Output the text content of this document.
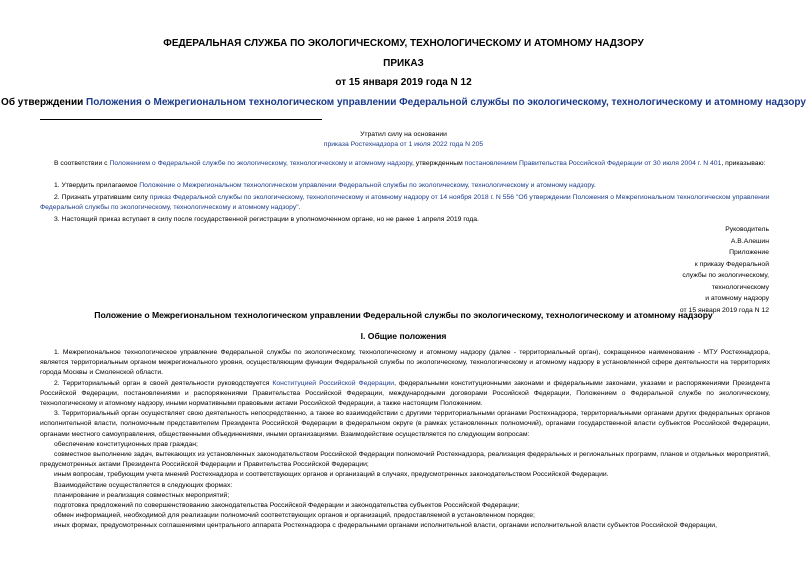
ФЕДЕРАЛЬНАЯ СЛУЖБА ПО ЭКОЛОГИЧЕСКОМУ, ТЕХНОЛОГИЧЕСКОМУ И АТОМНОМУ НАДЗОРУ
ПРИКАЗ
от 15 января 2019 года N 12
Об утверждении Положения о Межрегиональном технологическом управлении Федеральной службы по экологическому, технологическому и атомному надзору
Утратил силу на основании
приказа Ростехнадзора от 1 июля 2022 года N 205
В соответствии с Положением о Федеральной службе по экологическому, технологическому и атомному надзору, утвержденным постановлением Правительства Российской Федерации от 30 июля 2004 г. N 401, приказываю:
1. Утвердить прилагаемое Положение о Межрегиональном технологическом управлении Федеральной службы по экологическому, технологическому и атомному надзору.
2. Признать утратившим силу приказ Федеральной службы по экологическому, технологическому и атомному надзору от 14 ноября 2018 г. N 556 "Об утверждении Положения о Межрегиональном технологическом управлении Федеральной службы по экологическому, технологическому и атомному надзору".
3. Настоящий приказ вступает в силу после государственной регистрации в уполномоченном органе, но не ранее 1 апреля 2019 года.
Руководитель
А.В.Алешин
Приложение
к приказу Федеральной
службы по экологическому,
технологическому
и атомному надзору
от 15 января 2019 года N 12
Положение о Межрегиональном технологическом управлении Федеральной службы по экологическому, технологическому и атомному надзору
I. Общие положения
1. Межрегиональное технологическое управление Федеральной службы по экологическому, технологическому и атомному надзору (далее - территориальный орган), сокращенное наименование - МТУ Ростехнадзора, является территориальным органом межрегионального уровня, осуществляющим функции Федеральной службы по экологическому, технологическому и атомному надзору в установленной сфере деятельности на территориях города Москвы и Смоленской области.
2. Территориальный орган в своей деятельности руководствуется Конституцией Российской Федерации, федеральными конституционными законами и федеральными законами, указами и распоряжениями Президента Российской Федерации, постановлениями и распоряжениями Правительства Российской Федерации, международными договорами Российской Федерации, Положением о Федеральной службе по экологическому, технологическому и атомному надзору, иными нормативными правовыми актами Российской Федерации, а также настоящим Положением.
3. Территориальный орган осуществляет свою деятельность непосредственно, а также во взаимодействии с другими территориальными органами Ростехнадзора, территориальными органами других федеральных органов исполнительной власти, полномочным представителем Президента Российской Федерации в федеральном округе (в рамках установленных полномочий), органами государственной власти субъектов Российской Федерации, органами местного самоуправления, общественными объединениями, иными организациями. Взаимодействие осуществляется по следующим вопросам:
обеспечение конституционных прав граждан;
совместное выполнение задач, вытекающих из установленных законодательством Российской Федерации полномочий Ростехнадзора, реализация федеральных и региональных программ, планов и отдельных мероприятий, предусмотренных актами Президента Российской Федерации и Правительства Российской Федерации;
иным вопросам, требующим учета мнений Ростехнадзора и соответствующих органов и организаций в случаях, предусмотренных законодательством Российской Федерации.
Взаимодействие осуществляется в следующих формах:
планирование и реализация совместных мероприятий;
подготовка предложений по совершенствованию законодательства Российской Федерации и законодательства субъектов Российской Федерации;
обмен информацией, необходимой для реализации полномочий соответствующих органов и организаций, предоставляемой в установленном порядке;
иных формах, предусмотренных соглашениями центрального аппарата Ростехнадзора с федеральными органами исполнительной власти, органами исполнительной власти субъектов Российской Федерации,
